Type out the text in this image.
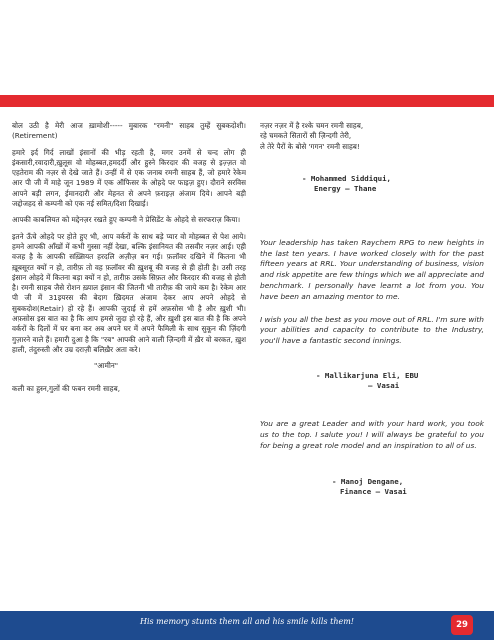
बोल उठी है मेरी आज ख़ामोशी----- मुबारक "रमनी" साहब तुम्हें सुबकदोशी।(Retirement)

हमारे इर्द गिर्द लाखों इंसानों की भीड़ रहती है, मगर उनमें से चन्द लोग ही इंकसारी,रवादारी,ख़ुलूस वो मोहब्बत,हमदर्दी और हुस्ने किरदार की वजह से इज़्ज़त वो एहतेराम की नज़र से देखे जाते हैं। उन्हीं में से एक जनाब रमनी साहब हैं, जो हमारे रेकेम आर पी जी में माहे जून 1989 में एक ऑफिसर के ओहदे पर फाइज़ हुए। दौराने सरविस आपने बड़ी लगन, ईमानदारी और मेहनत से अपने फ़राइज़ अंजाम दिये। आपने बड़ी जद्दोजहद से कम्पनी को एक नई समित/दिशा दिखाई।

आपकी काबलियत को मद्देनज़र रखते हुए कम्पनी ने प्रेसिडेंट के ओहदे से सरफराज़ किया।

इतने ऊँचे ओहदे पर होते हुए भी, आप वर्करों के साथ बड़े प्यार वो मोहब्बत से पेश आये। हमने आपकी आँखों में कभी गुस्सा नहीं देखा, बल्कि इंसानियत की तसवीर नज़र आई। एही वजह है के आपकी सख़्सियत हरदलि अज़ीज़ बन गई। फ़लॉवर दखिने में कितना भी ख़ूबसूरत क्यों न हो, तारीफ़ तो वह फ़लॉवर की ख़ुशबू की वजह से ही होती है। उसी तरह इंसान ओहदे में कितना बड़ा क्यों न हो, तारीफ़ उसके सिफ़त और किरदार की वजह से होती है। रमनी साहब जैसे रोशन ख़्याल इंसान की जितनी भी तारीफ़ की जाये कम है। रेकेम आर पी जी में 31इयरस की बेदाग ख़िदमत अंजाम देकर आप अपने ओहदे से सुबकदोश(Retair) हो रहे हैं। आपकी जुदाई से हमें अफ़सोस भी है और ख़ुशी भी। अफ़सोस इस बात का है कि आप हमसे जुदा हो रहे हैं, और ख़ुशी इस बात की है कि अपने वर्करों के दिलों में घर बना कर अब अपने घर में अपने फैमिली के साथ सुकून की ज़िंदगी गुज़ारने वाले हैं। हमारी दुआ है कि "रब" आपकी आने वाली ज़िन्दगी में ख़ैर वो बरकत, ख़ुश हाली, तंदुरुस्ती और उम्र दराज़ी बलिख़ैर अता करे।

"आमीन"

कली का हुस्न,गुलों की फबन रमनी साहब,

नज़र नज़र में है रश्के चमन रमनी साहब,
रहे चमकते सितारों सी ज़िन्दगी तेरी,
ले तेरे पैरों के बोसे 'गगन' रमनी साहब!
- Mohammed Siddiqui,
Energy – Thane

Your leadership has taken Raychem RPG to new heights in the last ten years. I have worked closely with for the past fifteen years at RRL. Your understanding of business, vision and risk appetite are few things which we all appreciate and benchmark. I personally have learnt a lot from you. You have been an amazing mentor to me.

I wish you all the best as you move out of RRL. I'm sure with your abilities and capacity to contribute to the Industry, you'll have a fantastic second innings.

- Mallikarjuna Eli, EBU
– Vasai

You are a great Leader and with your hard work, you took us to the top. I salute you! I will always be grateful to you for being a great role model and an inspiration to all of us.

- Manoj Dengane,
Finance – Vasai
His memory stunts them all and his smile kills them!	29
